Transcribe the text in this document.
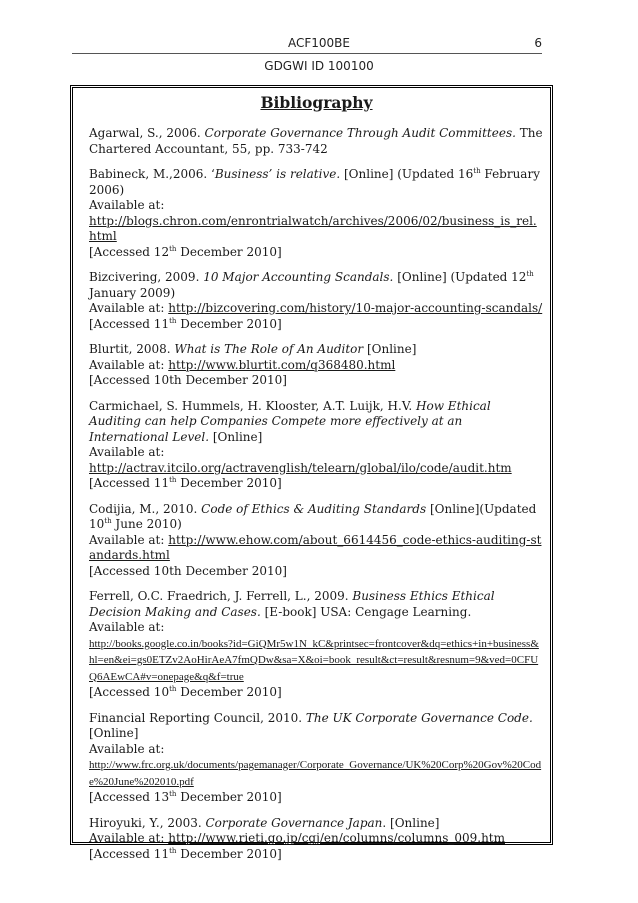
ACF100BE	6
GDGWI ID 100100
Bibliography

Agarwal, S., 2006. Corporate Governance Through Audit Committees. The Chartered Accountant, 55, pp. 733-742

Babineck, M.,2006. ‘Business’ is relative. [Online] (Updated 16th February 2006)

Available at:

http://blogs.chron.com/enrontrialwatch/archives/2006/02/business_is_rel.html

[Accessed 12th December 2010]

Bizcivering, 2009. 10 Major Accounting Scandals. [Online] (Updated 12th January 2009)

Available at: http://bizcovering.com/history/10-major-accounting-scandals/

[Accessed 11th December 2010]

Blurtit, 2008. What is The Role of An Auditor [Online]

Available at: http://www.blurtit.com/q368480.html

[Accessed 10th December 2010]

Carmichael, S. Hummels, H. Klooster, A.T. Luijk, H.V. How Ethical Auditing can help Companies Compete more effectively at an International Level. [Online]

Available at:

http://actrav.itcilo.org/actravenglish/telearn/global/ilo/code/audit.htm

[Accessed 11th December 2010]

Codijia, M., 2010. Code of Ethics & Auditing Standards [Online](Updated 10th June 2010)

Available at: http://www.ehow.com/about_6614456_code-ethics-auditing-standards.html

[Accessed 10th December 2010]

Ferrell, O.C. Fraedrich, J. Ferrell, L., 2009. Business Ethics Ethical Decision Making and Cases. [E-book] USA: Cengage Learning.

Available at:

http://books.google.co.in/books?id=GiQMr5w1N_kC&printsec=frontcover&dq=ethics+in+business&hl=en&ei=gs0ETZv2AoHirAeA7fmQDw&sa=X&oi=book_result&ct=result&resnum=9&ved=0CFUQ6AEwCA#v=onepage&q&f=true

[Accessed 10th December 2010]

Financial Reporting Council, 2010. The UK Corporate Governance Code. [Online]

Available at:

http://www.frc.org.uk/documents/pagemanager/Corporate_Governance/UK%20Corp%20Gov%20Code%20June%202010.pdf

[Accessed 13th December 2010]

Hiroyuki, Y., 2003. Corporate Governance Japan. [Online]

Available at: http://www.rieti.go.jp/cgj/en/columns/columns_009.htm [Accessed 11th December 2010]
